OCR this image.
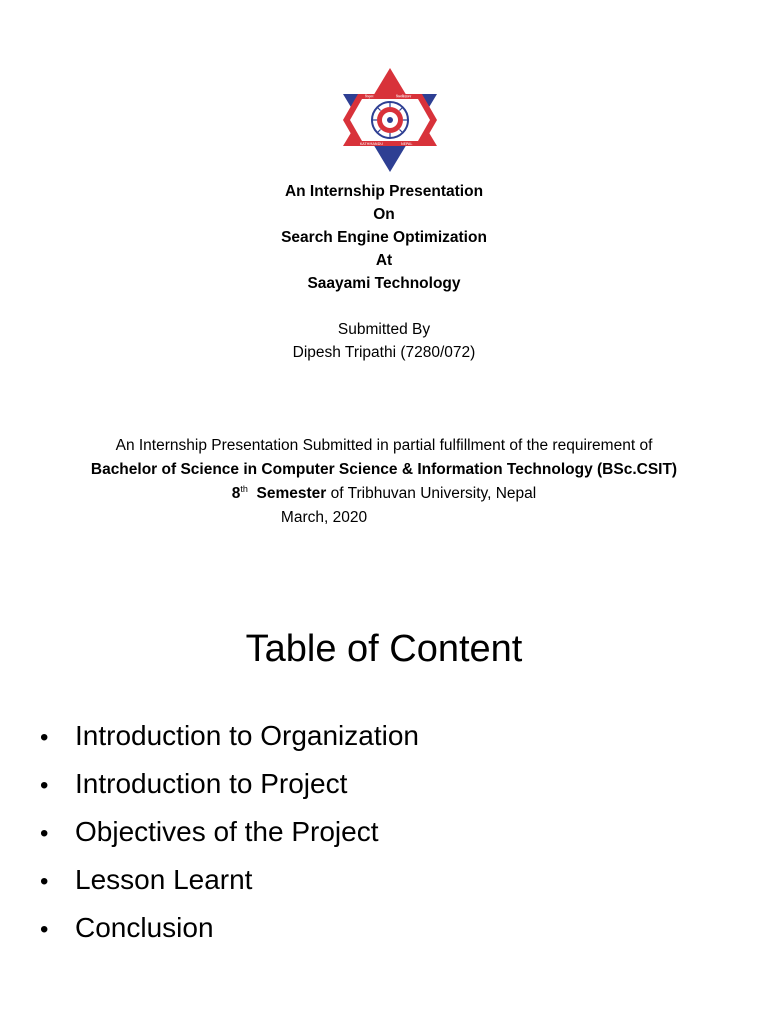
त्रिभुवन	विश्वविद्यालय
KATHMANDU	NEPAL
An Internship Presentation
On
Search Engine Optimization
At
Saayami Technology
Submitted By
Dipesh Tripathi (7280/072)
An Internship Presentation Submitted in partial fulfillment of the requirement of
Bachelor of Science in Computer Science & Information Technology (BSc.CSIT)
8th Semester of Tribhuvan University, Nepal
March, 2020
Table of Content
• Introduction to Organization
• Introduction to Project
• Objectives of the Project
• Lesson Learnt
• Conclusion
